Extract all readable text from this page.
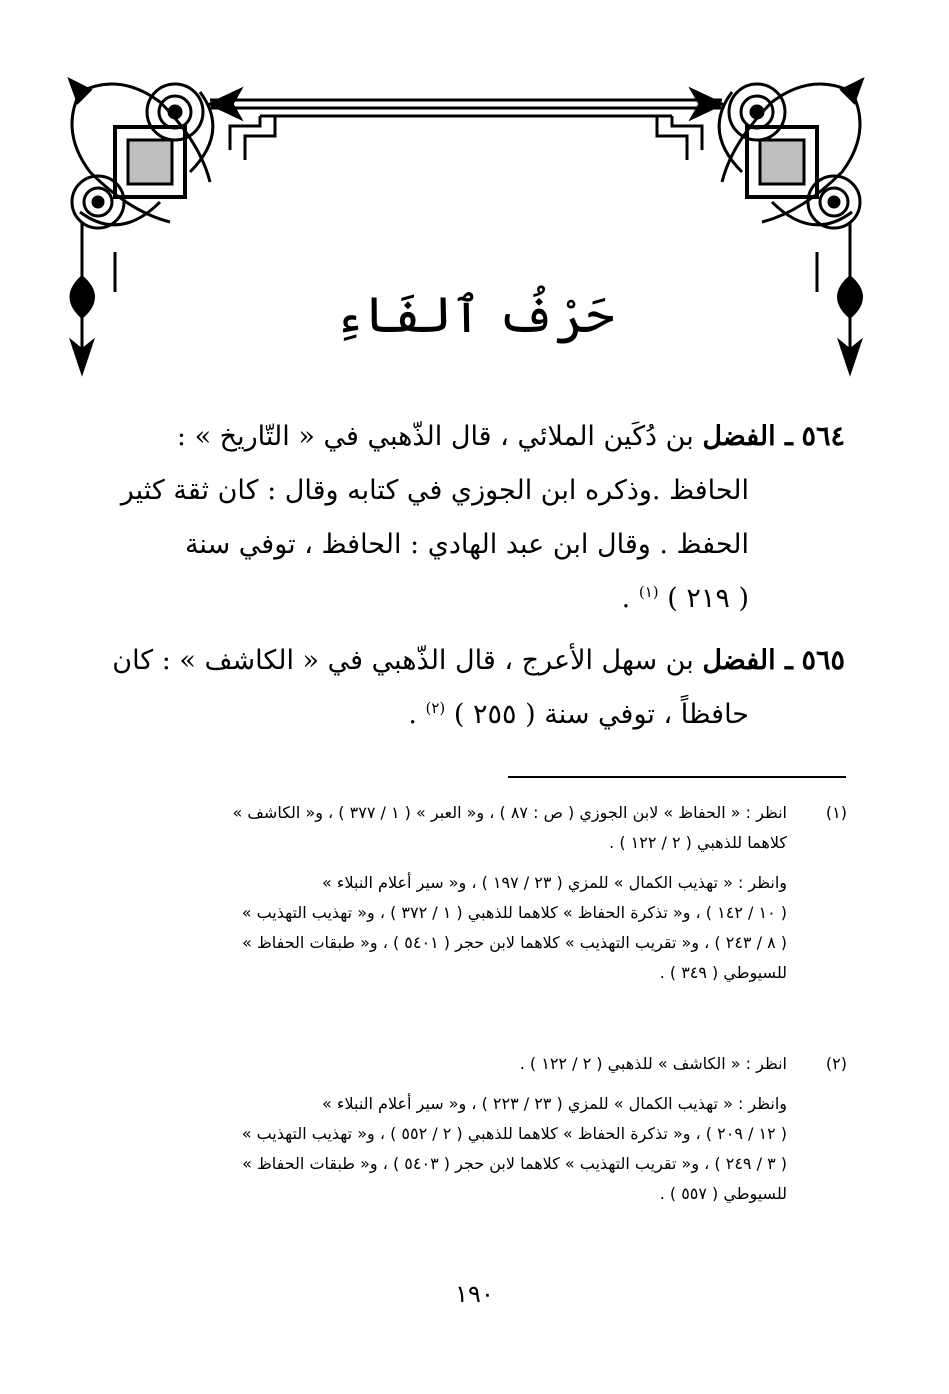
حَرْفُ ٱلفَاءِ
٥٦٤ ـ الفضل بن دُكَين الملائي ، قال الذّهبي في « التّاريخ » :
الحافظ .وذكره ابن الجوزي في كتابه وقال : كان ثقة كثير
الحفظ . وقال ابن عبد الهادي : الحافظ ، توفي سنة
( ٢١٩ ) $^{(١)}$ .
٥٦٥ ـ الفضل بن سهل الأعرج ، قال الذّهبي في « الكاشف » : كان
حافظاً ، توفي سنة ( ٢٥٥ ) $^{(٢)}$ .
(١)
انظر : « الحفاظ » لابن الجوزي ( ص : ٨٧ ) ، و« العبر » ( ١ / ٣٧٧ ) ، و« الكاشف »
كلاهما للذهبي ( ٢ / ١٢٢ ) .
وانظر : « تهذيب الكمال » للمزي ( ٢٣ / ١٩٧ ) ، و« سير أعلام النبلاء »
( ١٠ / ١٤٢ ) ، و« تذكرة الحفاظ » كلاهما للذهبي ( ١ / ٣٧٢ ) ، و« تهذيب التهذيب »
( ٨ / ٢٤٣ ) ، و« تقريب التهذيب » كلاهما لابن حجر ( ٥٤٠١ ) ، و« طبقات الحفاظ »
للسيوطي ( ٣٤٩ ) .
(٢)
انظر : « الكاشف » للذهبي ( ٢ / ١٢٢ ) .
وانظر : « تهذيب الكمال » للمزي ( ٢٣ / ٢٢٣ ) ، و« سير أعلام النبلاء »
( ١٢ / ٢٠٩ ) ، و« تذكرة الحفاظ » كلاهما للذهبي ( ٢ / ٥٥٢ ) ، و« تهذيب التهذيب »
( ٣ / ٢٤٩ ) ، و« تقريب التهذيب » كلاهما لابن حجر ( ٥٤٠٣ ) ، و« طبقات الحفاظ »
للسيوطي ( ٥٥٧ ) .
١٩٠
